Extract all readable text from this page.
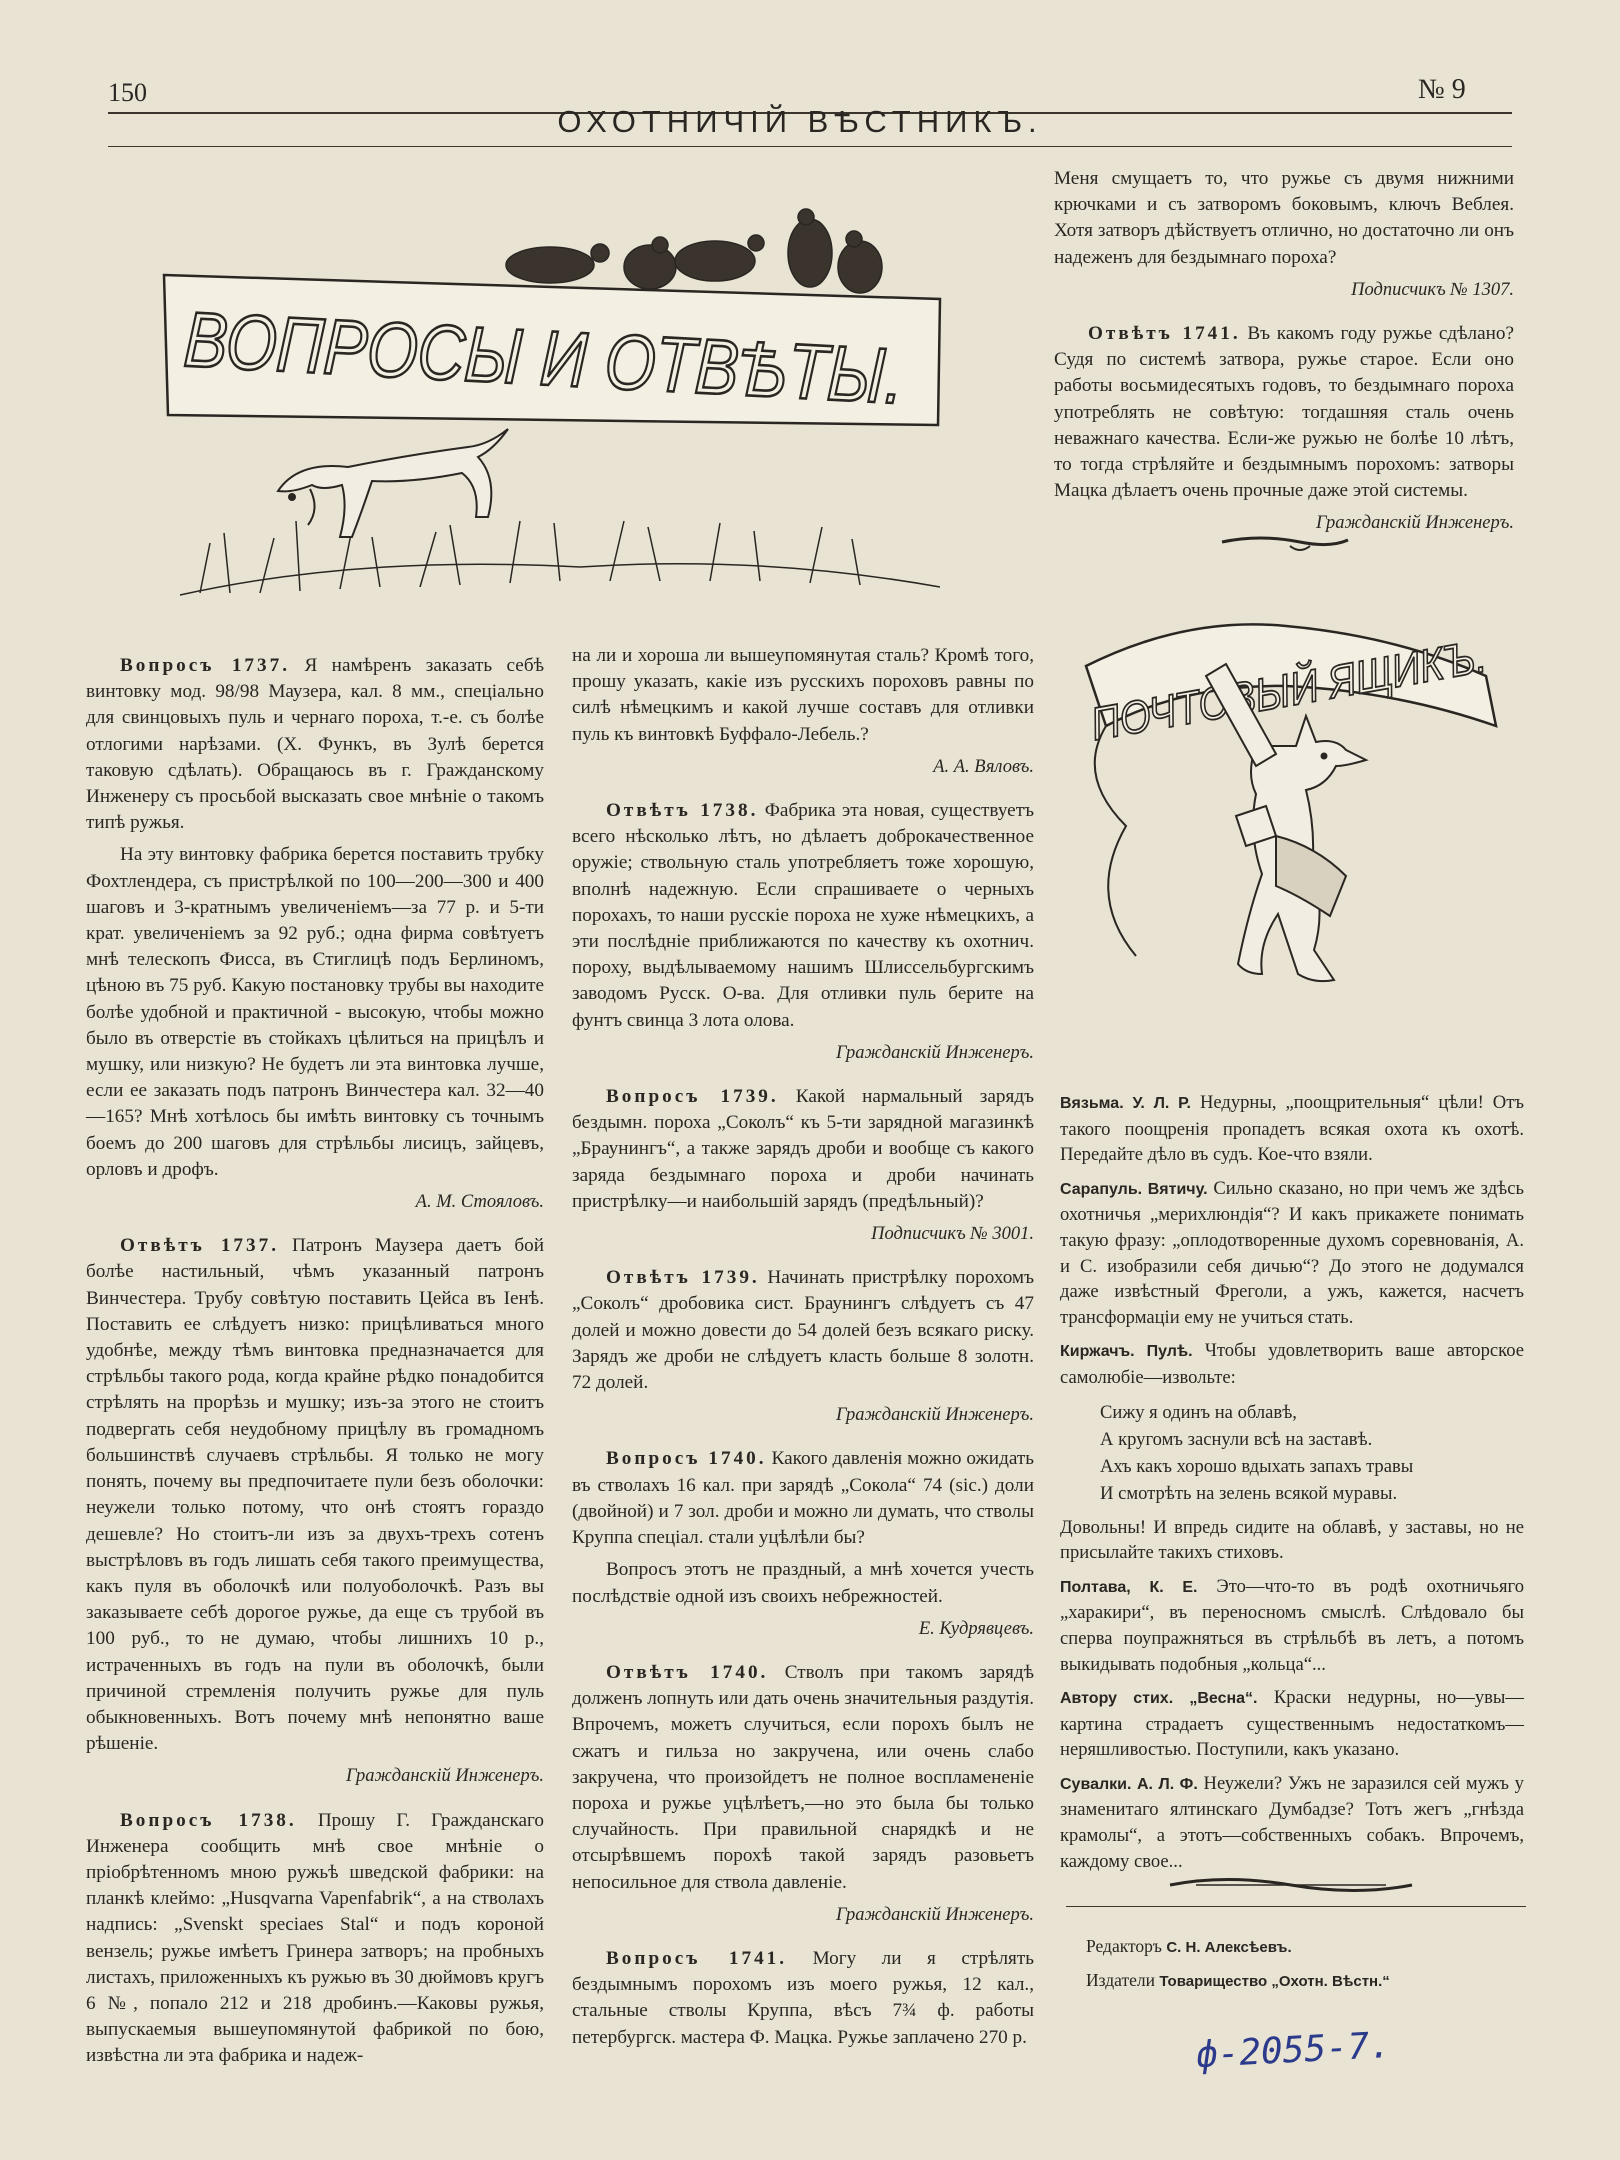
150	№ 9
ОХОТНИЧІЙ ВѢСТНИКЪ.
ВОПРОСЫ И ОТВѢТЫ.

Вопросъ 1737. Я намѣренъ заказать себѣ винтовку мод. 98/98 Маузера, кал. 8 мм., спеціально для свинцовыхъ пуль и чернаго пороха, т.-е. съ болѣе отлогими нарѣзами. (Х. Функъ, въ Зулѣ берется таковую сдѣлать). Обращаюсь въ г. Гражданскому Инженеру съ просьбой высказать свое мнѣніе о такомъ типѣ ружья.

На эту винтовку фабрика берется поставить трубку Фохтлендера, съ пристрѣлкой по 100—200—300 и 400 шаговъ и 3-кратнымъ увеличеніемъ—за 77 р. и 5-ти крат. увеличеніемъ за 92 руб.; одна фирма совѣтуетъ мнѣ телескопъ Фисса, въ Стиглицѣ подъ Берлиномъ, цѣною въ 75 руб. Какую постановку трубы вы находите болѣе удобной и практичной - высокую, чтобы можно было въ отверстіе въ стойкахъ цѣлиться на прицѣлъ и мушку, или низкую? Не будетъ ли эта винтовка лучше, если ее заказать подъ патронъ Винчестера кал. 32—40—165? Мнѣ хотѣлось бы имѣть винтовку съ точнымъ боемъ до 200 шаговъ для стрѣльбы лисицъ, зайцевъ, орловъ и дрофъ.

А. М. Стояловъ.

Отвѣтъ 1737. Патронъ Маузера даетъ бой болѣе настильный, чѣмъ указанный патронъ Винчестера. Трубу совѣтую поставить Цейса въ Іенѣ. Поставить ее слѣдуетъ низко: прицѣливаться много удобнѣе, между тѣмъ винтовка предназначается для стрѣльбы такого рода, когда крайне рѣдко понадобится стрѣлять на прорѣзь и мушку; изъ-за этого не стоитъ подвергать себя неудобному прицѣлу въ громадномъ большинствѣ случаевъ стрѣльбы. Я только не могу понять, почему вы предпочитаете пули безъ оболочки: неужели только потому, что онѣ стоятъ гораздо дешевле? Но стоитъ-ли изъ за двухъ-трехъ сотенъ выстрѣловъ въ годъ лишать себя такого преимущества, какъ пуля въ оболочкѣ или полуоболочкѣ. Разъ вы заказываете себѣ дорогое ружье, да еще съ трубой въ 100 руб., то не думаю, чтобы лишнихъ 10 р., истраченныхъ въ годъ на пули въ оболочкѣ, были причиной стремленія получить ружье для пуль обыкновенныхъ. Вотъ почему мнѣ непонятно ваше рѣшеніе.

Гражданскій Инженеръ.

Вопросъ 1738. Прошу Г. Гражданскаго Инженера сообщить мнѣ свое мнѣніе о пріобрѣтенномъ мною ружьѣ шведской фабрики: на планкѣ клеймо: „Husqvarna Vapenfabrik“, а на стволахъ надпись: „Svenskt speciaes Stal“ и подъ короной вензель; ружье имѣетъ Гринера затворъ; на пробныхъ листахъ, приложенныхъ къ ружью въ 30 дюймовъ кругъ 6 №, попало 212 и 218 дробинъ.—Каковы ружья, выпускаемыя вышеупомянутой фабрикой по бою, извѣстна ли эта фабрика и надеж-

на ли и хороша ли вышеупомянутая сталь? Кромѣ того, прошу указать, какіе изъ русскихъ пороховъ равны по силѣ нѣмецкимъ и какой лучше составъ для отливки пуль къ винтовкѣ Буффало-Лебель.?

А. А. Вяловъ.

Отвѣтъ 1738. Фабрика эта новая, существуетъ всего нѣсколько лѣтъ, но дѣлаетъ доброкачественное оружіе; ствольную сталь употребляетъ тоже хорошую, вполнѣ надежную. Если спрашиваете о черныхъ порохахъ, то наши русскіе пороха не хуже нѣмецкихъ, а эти послѣдніе приближаются по качеству къ охотнич. пороху, выдѣлываемому нашимъ Шлиссельбургскимъ заводомъ Русск. О-ва. Для отливки пуль берите на фунтъ свинца 3 лота олова.

Гражданскій Инженеръ.

Вопросъ 1739. Какой нармальный зарядъ бездымн. пороха „Соколъ“ къ 5-ти зарядной магазинкѣ „Браунингъ“, а также зарядъ дроби и вообще съ какого заряда бездымнаго пороха и дроби начинать пристрѣлку—и наибольшій зарядъ (предѣльный)?

Подписчикъ № 3001.

Отвѣтъ 1739. Начинать пристрѣлку порохомъ „Соколъ“ дробовика сист. Браунингъ слѣдуетъ съ 47 долей и можно довести до 54 долей безъ всякаго риску. Зарядъ же дроби не слѣдуетъ класть больше 8 золотн. 72 долей.

Гражданскій Инженеръ.

Вопросъ 1740. Какого давленія можно ожидать въ стволахъ 16 кал. при зарядѣ „Сокола“ 74 (sic.) доли (двойной) и 7 зол. дроби и можно ли думать, что стволы Круппа спеціал. стали уцѣлѣли бы?

Вопросъ этотъ не праздный, а мнѣ хочется учесть послѣдствіе одной изъ своихъ небрежностей.

Е. Кудрявцевъ.

Отвѣтъ 1740. Стволъ при такомъ зарядѣ долженъ лопнуть или дать очень значительныя раздутія. Впрочемъ, можетъ случиться, если порохъ былъ не сжатъ и гильза но закручена, или очень слабо закручена, что произойдетъ не полное воспламененіе пороха и ружье уцѣлѣетъ,—но это была бы только случайность. При правильной снарядкѣ и не отсырѣвшемъ порохѣ такой зарядъ разовьетъ непосильное для ствола давленіе.

Гражданскій Инженеръ.

Вопросъ 1741. Могу ли я стрѣлять бездымнымъ порохомъ изъ моего ружья, 12 кал., стальные стволы Круппа, вѣсъ 7¾ ф. работы петербургск. мастера Ф. Мацка. Ружье заплачено 270 р.

Меня смущаетъ то, что ружье съ двумя нижними крючками и съ затворомъ боковымъ, ключъ Веблея. Хотя затворъ дѣйствуетъ отлично, но достаточно ли онъ надеженъ для бездымнаго пороха?

Подписчикъ № 1307.

Отвѣтъ 1741. Въ какомъ году ружье сдѣлано? Судя по системѣ затвора, ружье старое. Если оно работы восьмидесятыхъ годовъ, то бездымнаго пороха употреблять не совѣтую: тогдашняя сталь очень неважнаго качества. Если-же ружью не болѣе 10 лѣтъ, то тогда стрѣляйте и бездымнымъ порохомъ: затворы Мацка дѣлаетъ очень прочные даже этой системы.

Гражданскій Инженеръ.

ПОЧТОВЫЙ ЯЩИКЪ.

Вязьма. У. Л. Р. Недурны, „поощрительныя“ цѣли! Отъ такого поощренія пропадетъ всякая охота къ охотѣ. Передайте дѣло въ судъ. Кое-что взяли.

Сарапуль. Вятичу. Сильно сказано, но при чемъ же здѣсь охотничья „мерихлюндія“? И какъ прикажете понимать такую фразу: „оплодотворенные духомъ соревнованія, А. и С. изобразили себя дичью“? До этого не додумался даже извѣстный Фреголи, а ужъ, кажется, насчетъ трансформаціи ему не учиться стать.

Киржачъ. Пулѣ. Чтобы удовлетворить ваше авторское самолюбіе—извольте:

Сижу я одинъ на облавѣ,
А кругомъ заснули всѣ на заставѣ.
Ахъ какъ хорошо вдыхать запахъ травы
И смотрѣть на зелень всякой муравы.

Довольны! И впредь сидите на облавѣ, у заставы, но не присылайте такихъ стиховъ.

Полтава, К. Е. Это—что-то въ родѣ охотничьяго „харакири“, въ переносномъ смыслѣ. Слѣдовало бы сперва поупражняться въ стрѣльбѣ въ летъ, а потомъ выкидывать подобныя „кольца“...

Автору стих. „Весна“. Краски недурны, но—увы—картина страдаетъ существеннымъ недостаткомъ—неряшливостью. Поступили, какъ указано.

Сувалки. А. Л. Ф. Неужели? Ужъ не заразился сей мужъ у знаменитаго ялтинскаго Думбадзе? Тотъ жегъ „гнѣзда крамолы“, а этотъ—собственныхъ собакъ. Впрочемъ, каждому свое...

Редакторъ С. Н. Алексѣевъ.
Издатели Товарищество „Охотн. Вѣстн.“
ф-2055-7.
